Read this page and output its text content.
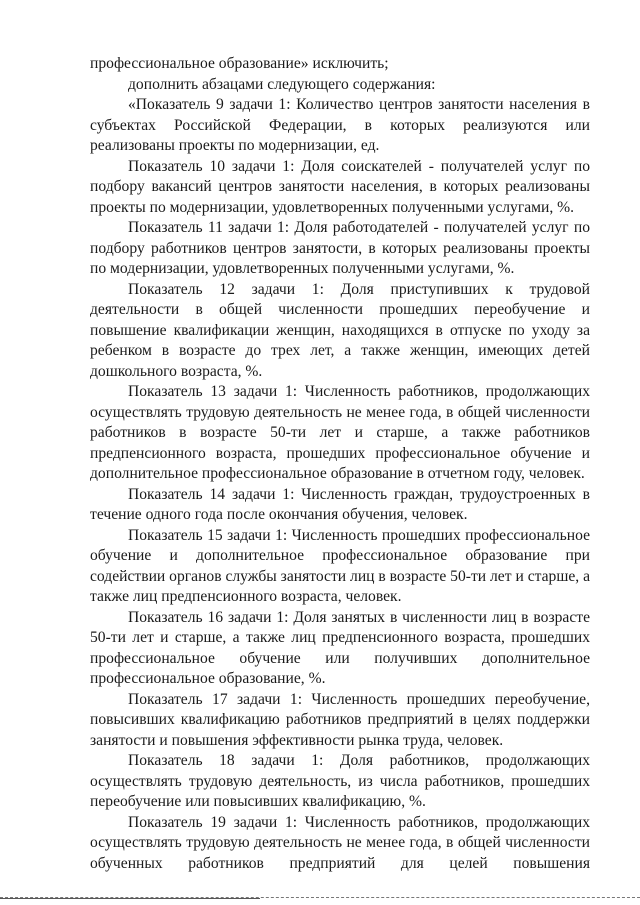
профессиональное образование» исключить;

дополнить абзацами следующего содержания:

«Показатель 9 задачи 1: Количество центров занятости населения в субъектах Российской Федерации, в которых реализуются или реализованы проекты по модернизации, ед.

Показатель 10 задачи 1: Доля соискателей - получателей услуг по подбору вакансий центров занятости населения, в которых реализованы проекты по модернизации, удовлетворенных полученными услугами, %.

Показатель 11 задачи 1: Доля работодателей - получателей услуг по подбору работников центров занятости, в которых реализованы проекты по модернизации, удовлетворенных полученными услугами, %.

Показатель 12 задачи 1: Доля приступивших к трудовой деятельности в общей численности прошедших переобучение и повышение квалификации женщин, находящихся в отпуске по уходу за ребенком в возрасте до трех лет, а также женщин, имеющих детей дошкольного возраста, %.

Показатель 13 задачи 1: Численность работников, продолжающих осуществлять трудовую деятельность не менее года, в общей численности работников в возрасте 50-ти лет и старше, а также работников предпенсионного возраста, прошедших профессиональное обучение и дополнительное профессиональное образование в отчетном году, человек.

Показатель 14 задачи 1: Численность граждан, трудоустроенных в течение одного года после окончания обучения, человек.

Показатель 15 задачи 1: Численность прошедших профессиональное обучение и дополнительное профессиональное образование при содействии органов службы занятости лиц в возрасте 50-ти лет и старше, а также лиц предпенсионного возраста, человек.

Показатель 16 задачи 1: Доля занятых в численности лиц в возрасте 50-ти лет и старше, а также лиц предпенсионного возраста, прошедших профессиональное обучение или получивших дополнительное профессиональное образование, %.

Показатель 17 задачи 1: Численность прошедших переобучение, повысивших квалификацию работников предприятий в целях поддержки занятости и повышения эффективности рынка труда, человек.

Показатель 18 задачи 1: Доля работников, продолжающих осуществлять трудовую деятельность, из числа работников, прошедших переобучение или повысивших квалификацию, %.

Показатель 19 задачи 1: Численность работников, продолжающих осуществлять трудовую деятельность не менее года, в общей численности обученных работников предприятий для целей повышения
